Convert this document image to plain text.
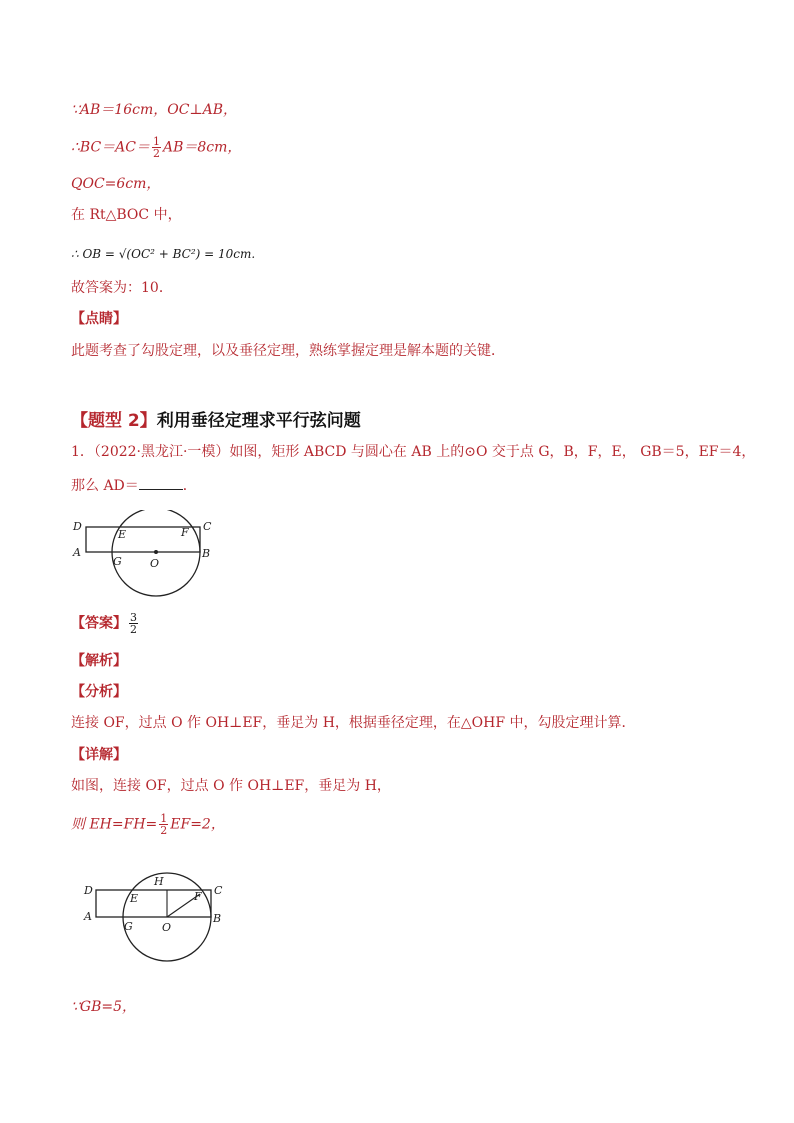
∵AB＝16cm，OC⊥AB，
∴BC＝AC＝ $\frac{1}{2} AB=8cm$，
QOC=6cm，
在 Rt△BOC 中，
∴ OB = √(OC² + BC²) = 10cm.
故答案为：10．
【点睛】
此题考查了勾股定理，以及垂径定理，熟练掌握定理是解本题的关键．
【题型 2】利用垂径定理求平行弦问题
1．（2022·黑龙江·一模）如图，矩形 ABCD 与圆心在 AB 上的⊙O 交于点 G，B，F，E， GB＝5，EF＝4，
那么 AD＝	．
D	C
A	B
E	F
G	O
【答案】 $\frac{3}{2}$
【解析】
【分析】
连接 OF，过点 O 作 OH⊥EF，垂足为 H，根据垂径定理，在△OHF 中，勾股定理计算．
【详解】
如图，连接 OF，过点 O 作 OH⊥EF，垂足为 H，
则 $EH=FH= \frac{1}{2} EF=2$，
D	C
A	B
H
E	F
G	O
∵GB=5，
